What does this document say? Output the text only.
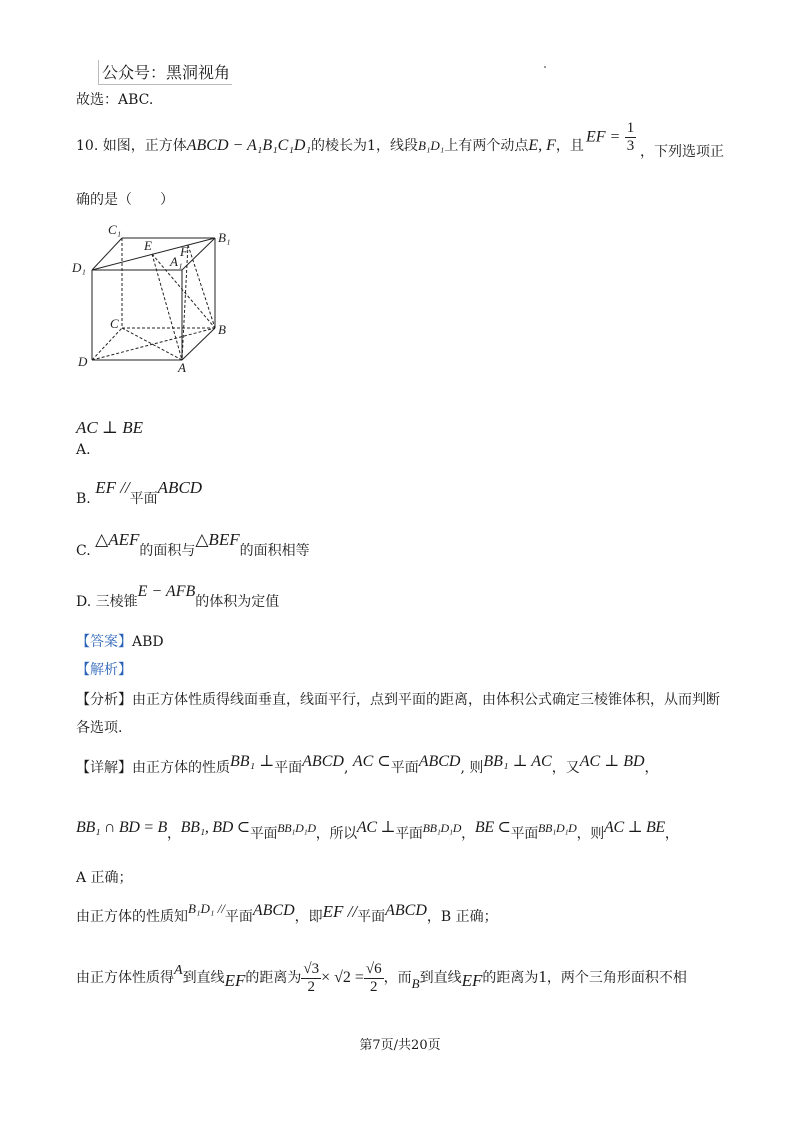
公众号：黑洞视角
故选：ABC.
10. 如图，正方体ABCD − A₁B₁C₁D₁的棱长为1，线段B₁D₁上有两个动点E, F，且
EF = $\frac{1}{3}$ ，下列选项正
确的是（　　）
C₁
B₁
D₁	A₁
E F
C	B
D	A
AC ⊥ BE
A.
B. EF //平面ABCD
C. △AEF的面积与△BEF的面积相等
D. 三棱锥E − AFB的体积为定值
【答案】ABD
【解析】
【分析】由正方体性质得线面垂直，线面平行，点到平面的距离，由体积公式确定三棱锥体积，从而判断
各选项.
【详解】由正方体的性质BB₁ ⊥平面ABCD, AC ⊂平面ABCD, 则BB₁ ⊥ AC，又AC ⊥ BD，
BB₁ ∩ BD = B，BB₁, BD ⊂平面BB₁D₁D，所以AC ⊥平面BB₁D₁D，BE ⊂平面BB₁D₁D，则AC ⊥ BE，
A 正确；
由正方体的性质知B₁D₁ //平面ABCD，即EF //平面ABCD，B 正确；
由正方体性质得A到直线EF的距离为 $\frac{√3}{2} \times √2 = \frac{√6}{2}$ ，而B到直线EF的距离为1，两个三角形面积不相
第7页/共20页
